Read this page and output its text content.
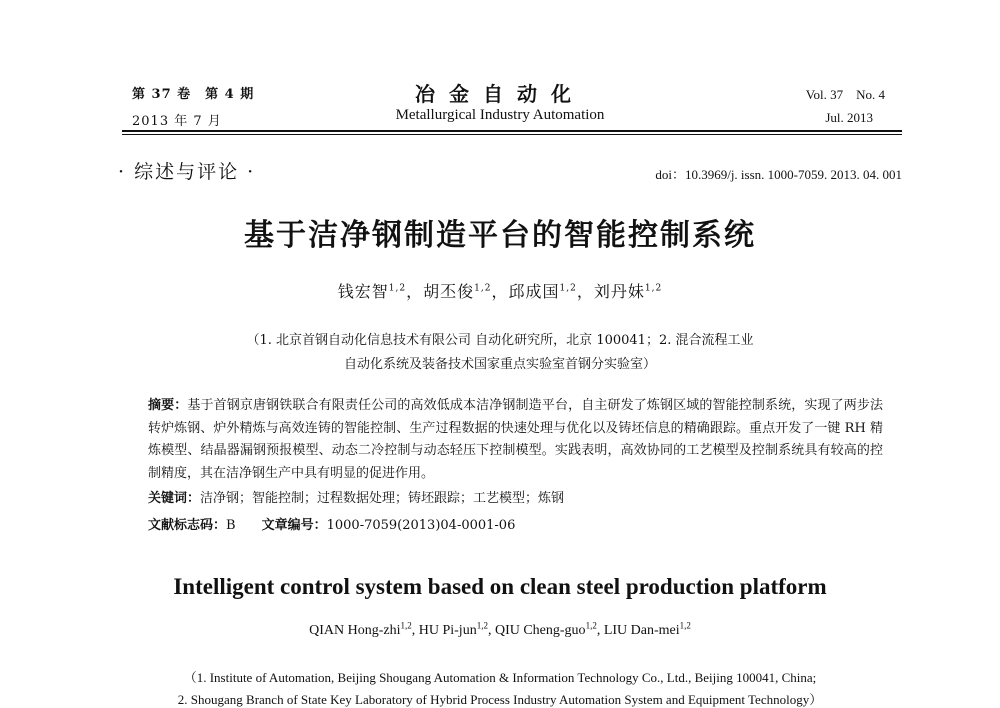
第 37 卷　第 4 期
2013 年 7 月
冶金自动化
Metallurgical Industry Automation
Vol. 37　No. 4
Jul. 2013
· 综述与评论 ·	doi：10.3969/j. issn. 1000-7059. 2013. 04. 001
基于洁净钢制造平台的智能控制系统
钱宏智$^{1,2}$，胡丕俊$^{1,2}$，邱成国$^{1,2}$，刘丹妹$^{1,2}$
（1. 北京首钢自动化信息技术有限公司 自动化研究所，北京 100041；2. 混合流程工业
自动化系统及装备技术国家重点实验室首钢分实验室）
摘要：基于首钢京唐钢铁联合有限责任公司的高效低成本洁净钢制造平台，自主研发了炼钢区域的智能控制系统，实现了两步法转炉炼钢、炉外精炼与高效连铸的智能控制、生产过程数据的快速处理与优化以及铸坯信息的精确跟踪。重点开发了一键 RH 精炼模型、结晶器漏钢预报模型、动态二冷控制与动态轻压下控制模型。实践表明，高效协同的工艺模型及控制系统具有较高的控制精度，其在洁净钢生产中具有明显的促进作用。
关键词：洁净钢；智能控制；过程数据处理；铸坯跟踪；工艺模型；炼钢
文献标志码：B　　 文章编号：1000-7059(2013)04-0001-06
Intelligent control system based on clean steel production platform
QIAN Hong-zhi$^{1,2}$, HU Pi-jun$^{1,2}$, QIU Cheng-guo$^{1,2}$, LIU Dan-mei$^{1,2}$
（1. Institute of Automation, Beijing Shougang Automation & Information Technology Co., Ltd., Beijing 100041, China;
2. Shougang Branch of State Key Laboratory of Hybrid Process Industry Automation System and Equipment Technology）
